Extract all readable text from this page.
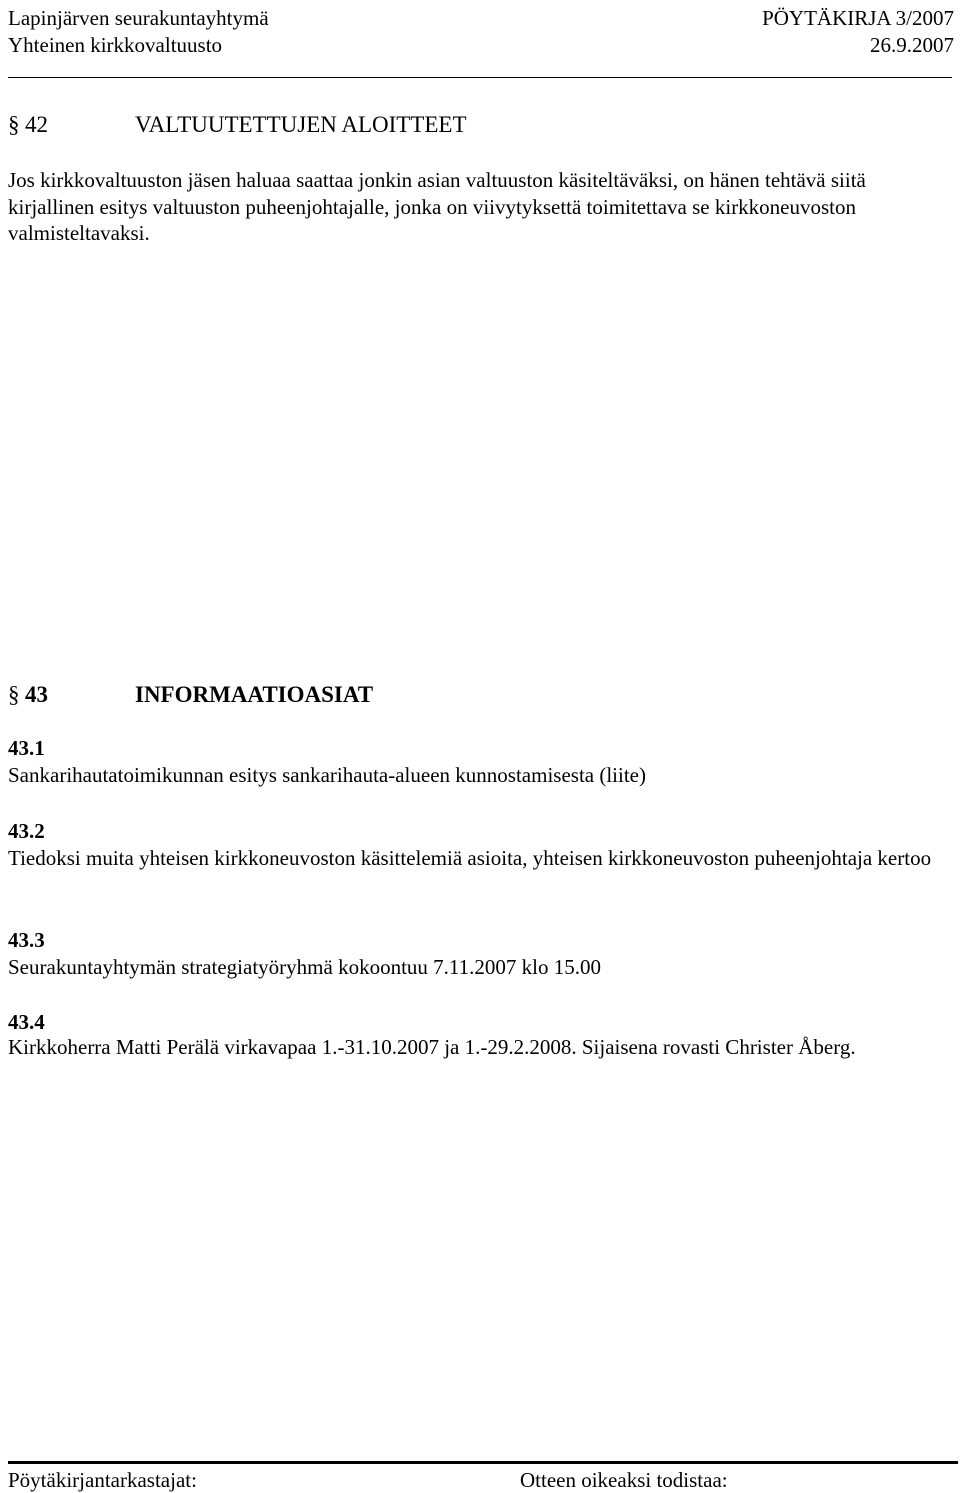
Lapinjärven seurakuntayhtymä	PÖYTÄKIRJA 3/2007
Yhteinen kirkkovaltuusto	26.9.2007
§ 42	VALTUUTETTUJEN ALOITTEET
Jos kirkkovaltuuston jäsen haluaa saattaa jonkin asian valtuuston käsiteltäväksi, on hänen tehtävä siitä kirjallinen esitys valtuuston puheenjohtajalle, jonka on viivytyksettä toimitettava se kirkkoneuvoston valmisteltavaksi.
§ 43	INFORMAATIOASIAT
43.1
Sankarihautatoimikunnan esitys sankarihauta-alueen kunnostamisesta (liite)
43.2
Tiedoksi muita yhteisen kirkkoneuvoston käsittelemiä asioita, yhteisen kirkkoneuvoston puheenjohtaja kertoo
43.3
Seurakuntayhtymän strategiatyöryhmä kokoontuu 7.11.2007 klo 15.00
43.4
Kirkkoherra Matti Perälä virkavapaa 1.-31.10.2007 ja 1.-29.2.2008. Sijaisena rovasti Christer Åberg.
Pöytäkirjantarkastajat:	Otteen oikeaksi todistaa:
